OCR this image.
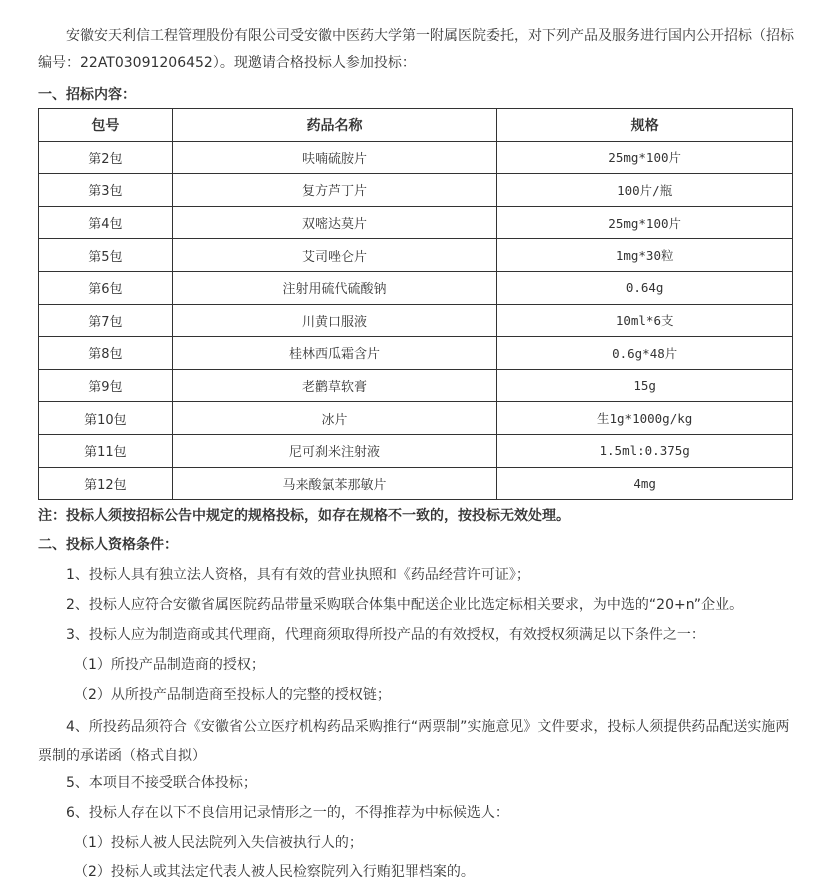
安徽安天利信工程管理股份有限公司受安徽中医药大学第一附属医院委托，对下列产品及服务进行国内公开招标（招标编号：22AT03091206452）。现邀请合格投标人参加投标：
一、招标内容：
包号	药品名称	规格
第2包	呋喃硫胺片	25mg*100片
第3包	复方芦丁片	100片/瓶
第4包	双嘧达莫片	25mg*100片
第5包	艾司唑仑片	1mg*30粒
第6包	注射用硫代硫酸钠	0.64g
第7包	川黄口服液	10ml*6支
第8包	桂林西瓜霜含片	0.6g*48片
第9包	老鹳草软膏	15g
第10包	冰片	生1g*1000g/kg
第11包	尼可刹米注射液	1.5ml:0.375g
第12包	马来酸氯苯那敏片	4mg
注：投标人须按招标公告中规定的规格投标，如存在规格不一致的，按投标无效处理。
二、投标人资格条件：
1、投标人具有独立法人资格，具有有效的营业执照和《药品经营许可证》；
2、投标人应符合安徽省属医院药品带量采购联合体集中配送企业比选定标相关要求，为中选的“20+n”企业。
3、投标人应为制造商或其代理商，代理商须取得所投产品的有效授权，有效授权须满足以下条件之一：
（1）所投产品制造商的授权；
（2）从所投产品制造商至投标人的完整的授权链；
4、所投药品须符合《安徽省公立医疗机构药品采购推行“两票制”实施意见》文件要求，投标人须提供药品配送实施两票制的承诺函（格式自拟）
5、本项目不接受联合体投标；
6、投标人存在以下不良信用记录情形之一的，不得推荐为中标候选人：
（1）投标人被人民法院列入失信被执行人的；
（2）投标人或其法定代表人被人民检察院列入行贿犯罪档案的。
